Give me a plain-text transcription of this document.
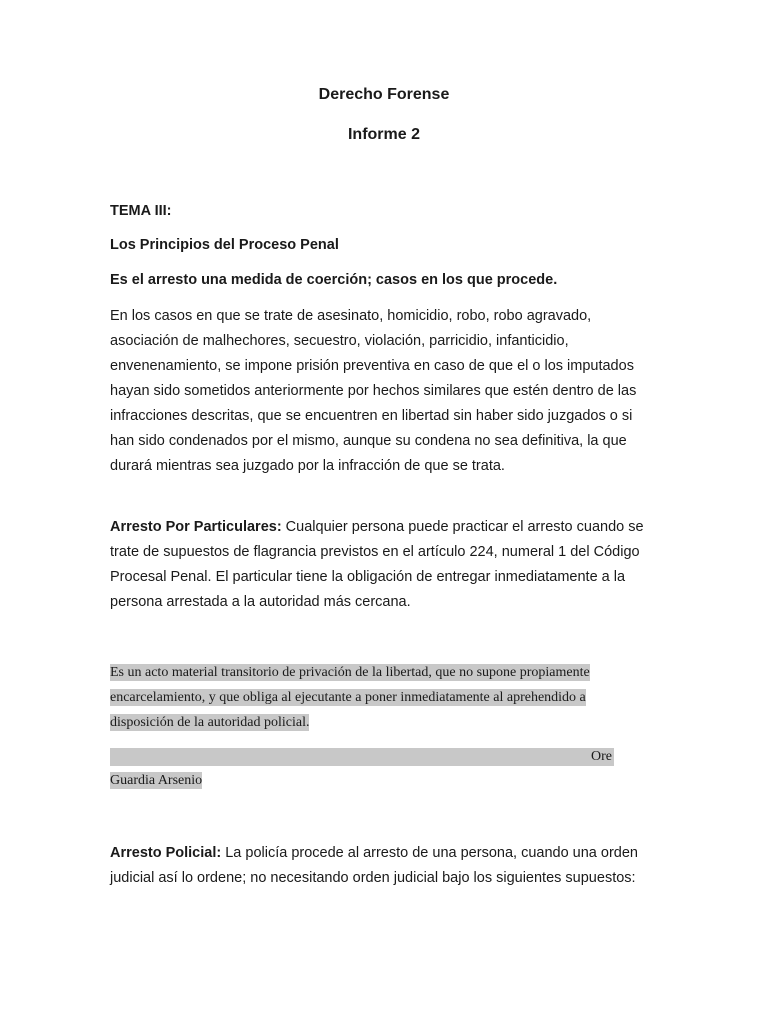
Derecho Forense
Informe 2
TEMA III:
Los Principios del Proceso Penal
Es el arresto una medida de coerción; casos en los que procede.
En los casos en que se trate de asesinato, homicidio, robo, robo agravado, asociación de malhechores, secuestro, violación, parricidio, infanticidio, envenenamiento, se impone prisión preventiva en caso de que el o los imputados hayan sido sometidos anteriormente por hechos similares que estén dentro de las infracciones descritas, que se encuentren en libertad sin haber sido juzgados o si han sido condenados por el mismo, aunque su condena no sea definitiva, la que durará mientras sea juzgado por la infracción de que se trata.
Arresto Por Particulares: Cualquier persona puede practicar el arresto cuando se trate de supuestos de flagrancia previstos en el artículo 224, numeral 1 del Código Procesal Penal. El particular tiene la obligación de entregar inmediatamente a la persona arrestada a la autoridad más cercana.
Es un acto material transitorio de privación de la libertad, que no supone propiamente
encarcelamiento, y que obliga al ejecutante a poner inmediatamente al aprehendido a
disposición de la autoridad policial.
Ore
Guardia Arsenio
Arresto Policial: La policía procede al arresto de una persona, cuando una orden judicial así lo ordene; no necesitando orden judicial bajo los siguientes supuestos:
